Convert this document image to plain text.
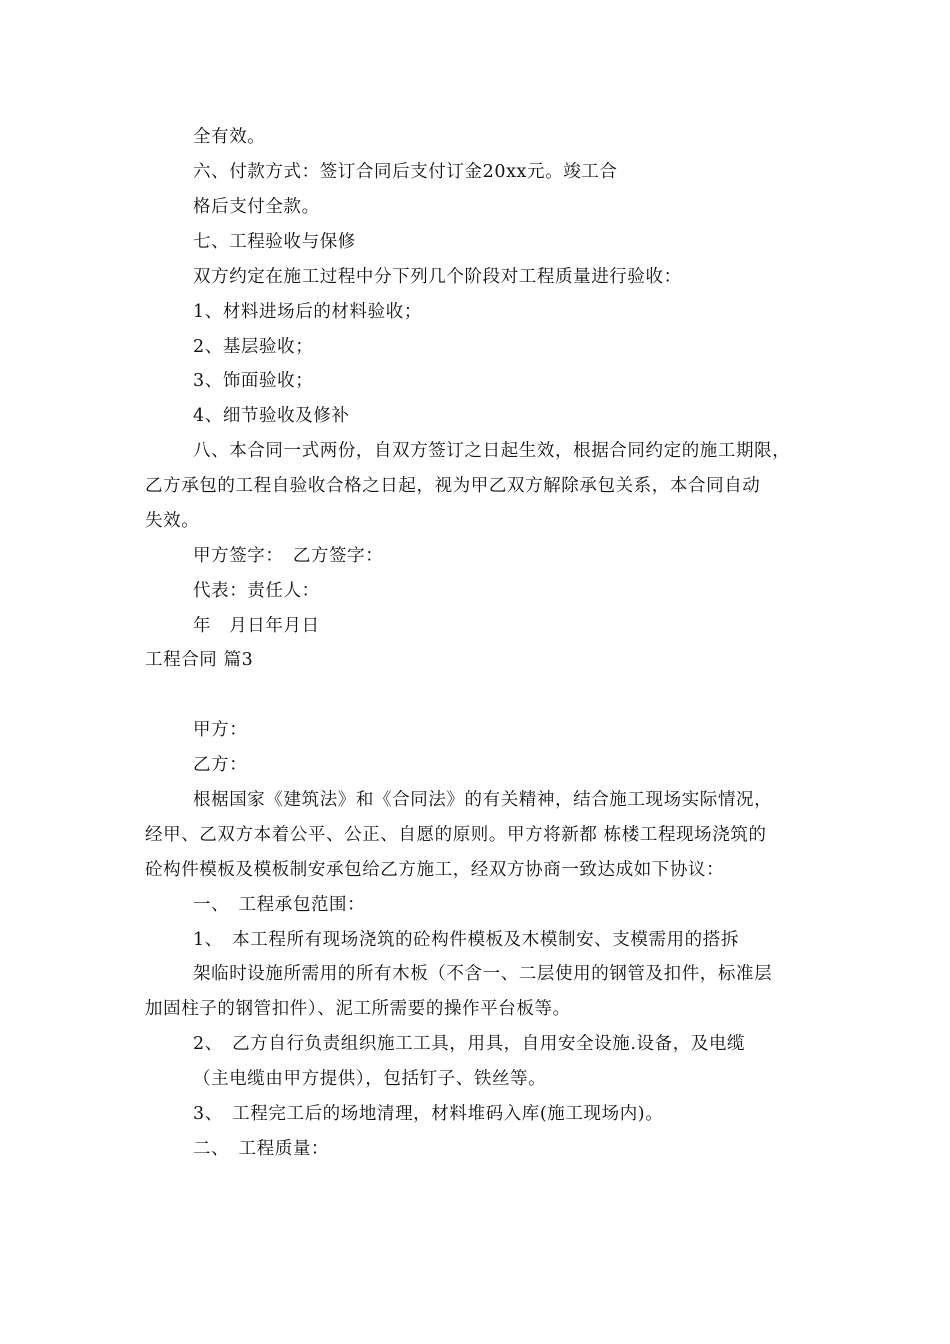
全有效。
六、付款方式：签订合同后支付订金20xx元。竣工合
格后支付全款。
七、工程验收与保修
双方约定在施工过程中分下列几个阶段对工程质量进行验收：
1、材料进场后的材料验收；
2、基层验收；
3、饰面验收；
4、细节验收及修补
八、本合同一式两份，自双方签订之日起生效，根据合同约定的施工期限，
乙方承包的工程自验收合格之日起，视为甲乙双方解除承包关系，本合同自动
失效。
甲方签字：　乙方签字：
代表：责任人：
年　月日年月日
工程合同 篇3
甲方：
乙方：
根椐国家《建筑法》和《合同法》的有关精神，结合施工现场实际情况，
经甲、乙双方本着公平、公正、自愿的原则。甲方将新都 栋楼工程现场浇筑的
砼构件模板及模板制安承包给乙方施工，经双方协商一致达成如下协议：
一、　工程承包范围：
1、　本工程所有现场浇筑的砼构件模板及木模制安、支模需用的搭拆
架临时设施所需用的所有木板（不含一、二层使用的钢管及扣件，标准层
加固柱子的钢管扣件）、泥工所需要的操作平台板等。
2、　乙方自行负责组织施工工具，用具，自用安全设施.设备，及电缆
（主电缆由甲方提供），包括钉子、铁丝等。
3、　工程完工后的场地清理，材料堆码入库(施工现场内)。
二、　工程质量：
